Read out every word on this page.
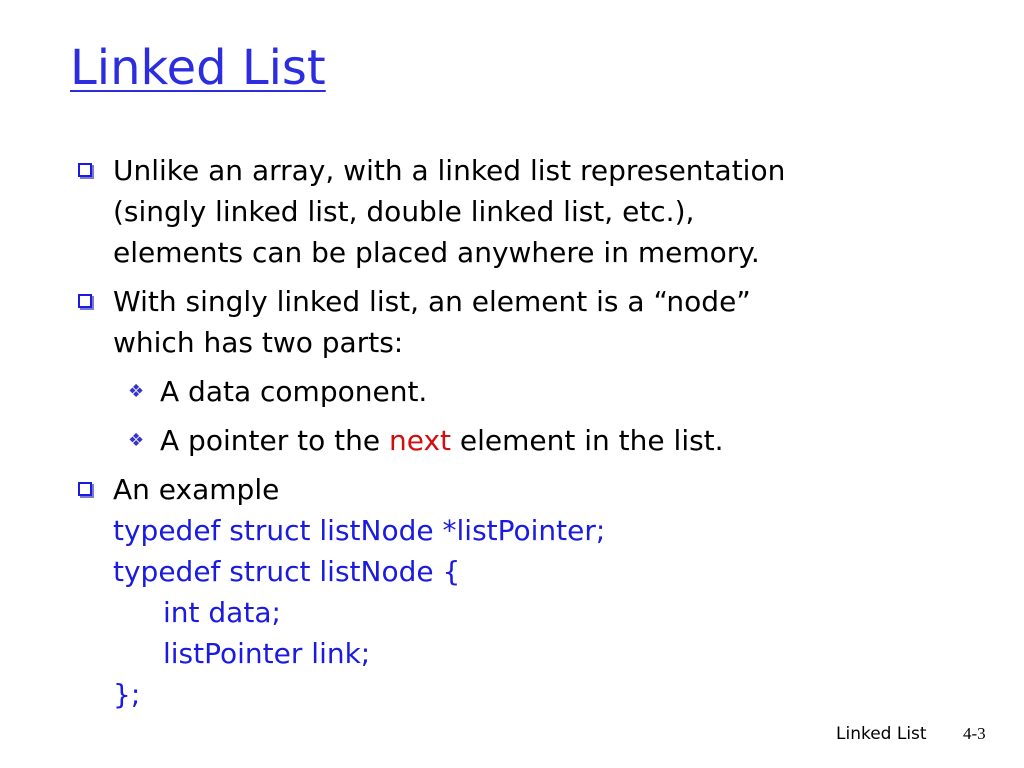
Linked List
Unlike an array, with a linked list representation
(singly linked list, double linked list, etc.),
elements can be placed anywhere in memory.
With singly linked list, an element is a “node”
which has two parts:
❖ A data component.
❖ A pointer to the next element in the list.
An example
typedef struct listNode *listPointer;
typedef struct listNode {
int data;
listPointer link;
};
Linked List 4-3
